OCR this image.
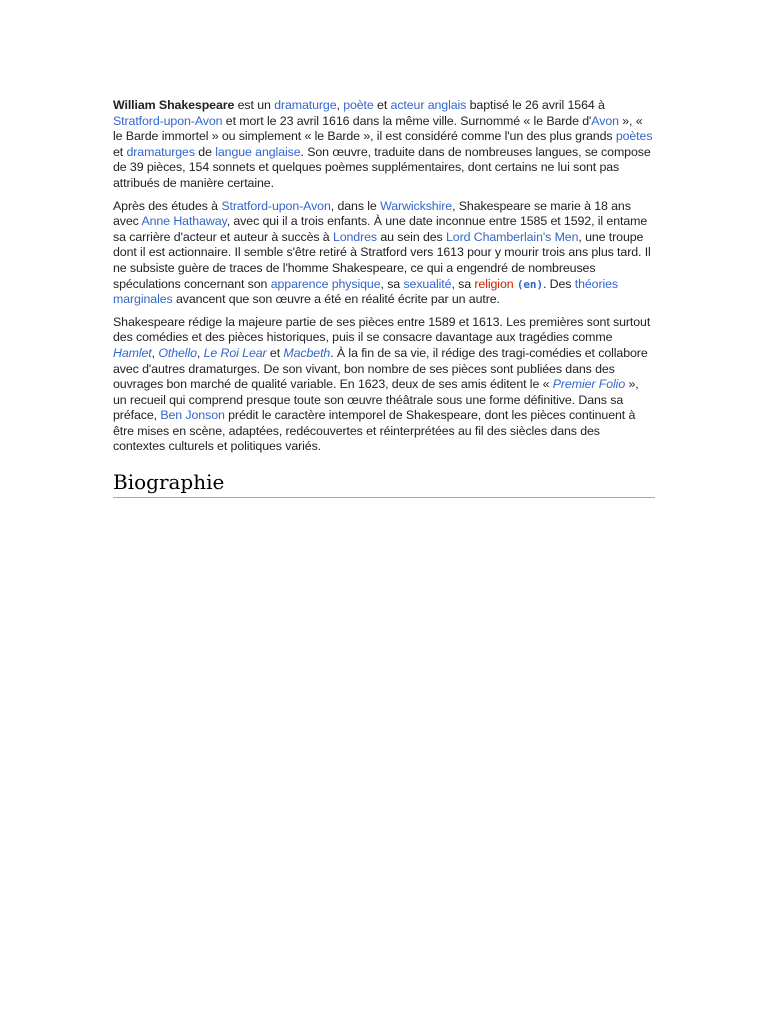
William Shakespeare est un dramaturge, poète et acteur anglais baptisé le 26 avril 1564 à Stratford-upon-Avon et mort le 23 avril 1616 dans la même ville. Surnommé « le Barde d'Avon », « le Barde immortel » ou simplement « le Barde », il est considéré comme l'un des plus grands poètes et dramaturges de langue anglaise. Son œuvre, traduite dans de nombreuses langues, se compose de 39 pièces, 154 sonnets et quelques poèmes supplémentaires, dont certains ne lui sont pas attribués de manière certaine.

Après des études à Stratford-upon-Avon, dans le Warwickshire, Shakespeare se marie à 18 ans avec Anne Hathaway, avec qui il a trois enfants. À une date inconnue entre 1585 et 1592, il entame sa carrière d'acteur et auteur à succès à Londres au sein des Lord Chamberlain's Men, une troupe dont il est actionnaire. Il semble s'être retiré à Stratford vers 1613 pour y mourir trois ans plus tard. Il ne subsiste guère de traces de l'homme Shakespeare, ce qui a engendré de nombreuses spéculations concernant son apparence physique, sa sexualité, sa religion (en). Des théories marginales avancent que son œuvre a été en réalité écrite par un autre.

Shakespeare rédige la majeure partie de ses pièces entre 1589 et 1613. Les premières sont surtout des comédies et des pièces historiques, puis il se consacre davantage aux tragédies comme Hamlet, Othello, Le Roi Lear et Macbeth. À la fin de sa vie, il rédige des tragi-comédies et collabore avec d'autres dramaturges. De son vivant, bon nombre de ses pièces sont publiées dans des ouvrages bon marché de qualité variable. En 1623, deux de ses amis éditent le « Premier Folio », un recueil qui comprend presque toute son œuvre théâtrale sous une forme définitive. Dans sa préface, Ben Jonson prédit le caractère intemporel de Shakespeare, dont les pièces continuent à être mises en scène, adaptées, redécouvertes et réinterprétées au fil des siècles dans des contextes culturels et politiques variés.

Biographie
